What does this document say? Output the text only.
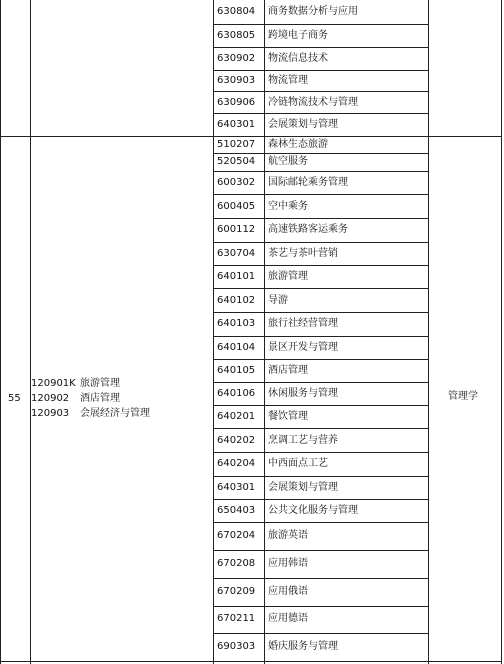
630804 商务数据分析与应用
630805 跨境电子商务
630902 物流信息技术
630903 物流管理
630906 冷链物流技术与管理
640301 会展策划与管理
510207 森林生态旅游
520504 航空服务
600302 国际邮轮乘务管理
600405 空中乘务
600112 高速铁路客运乘务
630704 茶艺与茶叶营销
640101 旅游管理
640102 导游
640103 旅行社经营管理
640104 景区开发与管理
640105 酒店管理
640106 休闲服务与管理
640201 餐饮管理
640202 烹调工艺与营养
640204 中西面点工艺
640301 会展策划与管理
650403 公共文化服务与管理
670204 旅游英语
670208 应用韩语
670209 应用俄语
670211 应用德语
690303 婚庆服务与管理
55
120901K 旅游管理
120902 酒店管理
120903 会展经济与管理
管理学
